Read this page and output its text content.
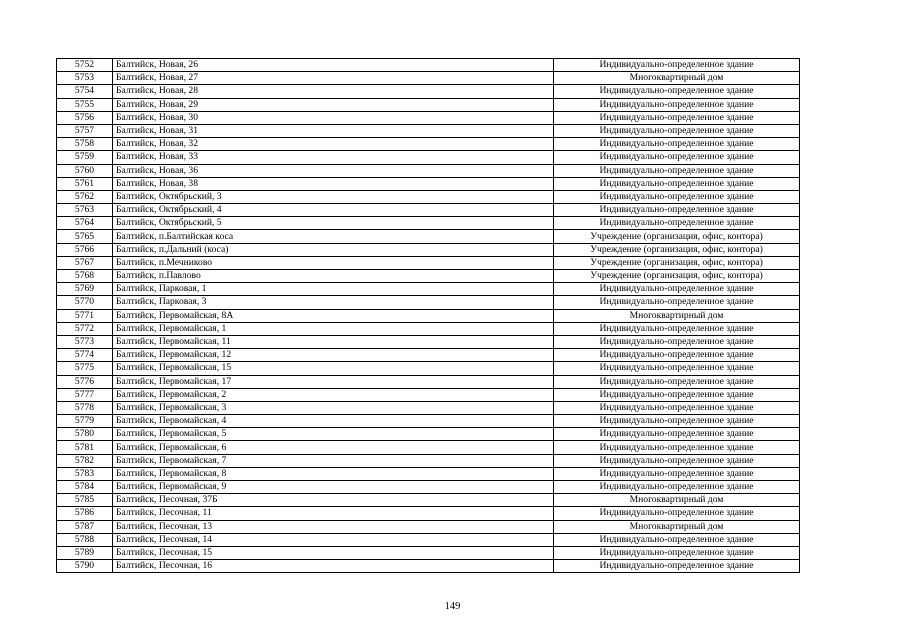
5752	Балтийск, Новая, 26	Индивидуально-определенное здание
5753	Балтийск, Новая, 27	Многоквартирный дом
5754	Балтийск, Новая, 28	Индивидуально-определенное здание
5755	Балтийск, Новая, 29	Индивидуально-определенное здание
5756	Балтийск, Новая, 30	Индивидуально-определенное здание
5757	Балтийск, Новая, 31	Индивидуально-определенное здание
5758	Балтийск, Новая, 32	Индивидуально-определенное здание
5759	Балтийск, Новая, 33	Индивидуально-определенное здание
5760	Балтийск, Новая, 36	Индивидуально-определенное здание
5761	Балтийск, Новая, 38	Индивидуально-определенное здание
5762	Балтийск, Октябрьский, 3	Индивидуально-определенное здание
5763	Балтийск, Октябрьский, 4	Индивидуально-определенное здание
5764	Балтийск, Октябрьский, 5	Индивидуально-определенное здание
5765	Балтийск, п.Балтийская коса	Учреждение (организация, офис, контора)
5766	Балтийск, п.Дальний (коса)	Учреждение (организация, офис, контора)
5767	Балтийск, п.Мечниково	Учреждение (организация, офис, контора)
5768	Балтийск, п.Павлово	Учреждение (организация, офис, контора)
5769	Балтийск, Парковая, 1	Индивидуально-определенное здание
5770	Балтийск, Парковая, 3	Индивидуально-определенное здание
5771	Балтийск, Первомайская, 8А	Многоквартирный дом
5772	Балтийск, Первомайская, 1	Индивидуально-определенное здание
5773	Балтийск, Первомайская, 11	Индивидуально-определенное здание
5774	Балтийск, Первомайская, 12	Индивидуально-определенное здание
5775	Балтийск, Первомайская, 15	Индивидуально-определенное здание
5776	Балтийск, Первомайская, 17	Индивидуально-определенное здание
5777	Балтийск, Первомайская, 2	Индивидуально-определенное здание
5778	Балтийск, Первомайская, 3	Индивидуально-определенное здание
5779	Балтийск, Первомайская, 4	Индивидуально-определенное здание
5780	Балтийск, Первомайская, 5	Индивидуально-определенное здание
5781	Балтийск, Первомайская, 6	Индивидуально-определенное здание
5782	Балтийск, Первомайская, 7	Индивидуально-определенное здание
5783	Балтийск, Первомайская, 8	Индивидуально-определенное здание
5784	Балтийск, Первомайская, 9	Индивидуально-определенное здание
5785	Балтийск, Песочная, 37Б	Многоквартирный дом
5786	Балтийск, Песочная, 11	Индивидуально-определенное здание
5787	Балтийск, Песочная, 13	Многоквартирный дом
5788	Балтийск, Песочная, 14	Индивидуально-определенное здание
5789	Балтийск, Песочная, 15	Индивидуально-определенное здание
5790	Балтийск, Песочная, 16	Индивидуально-определенное здание
149
